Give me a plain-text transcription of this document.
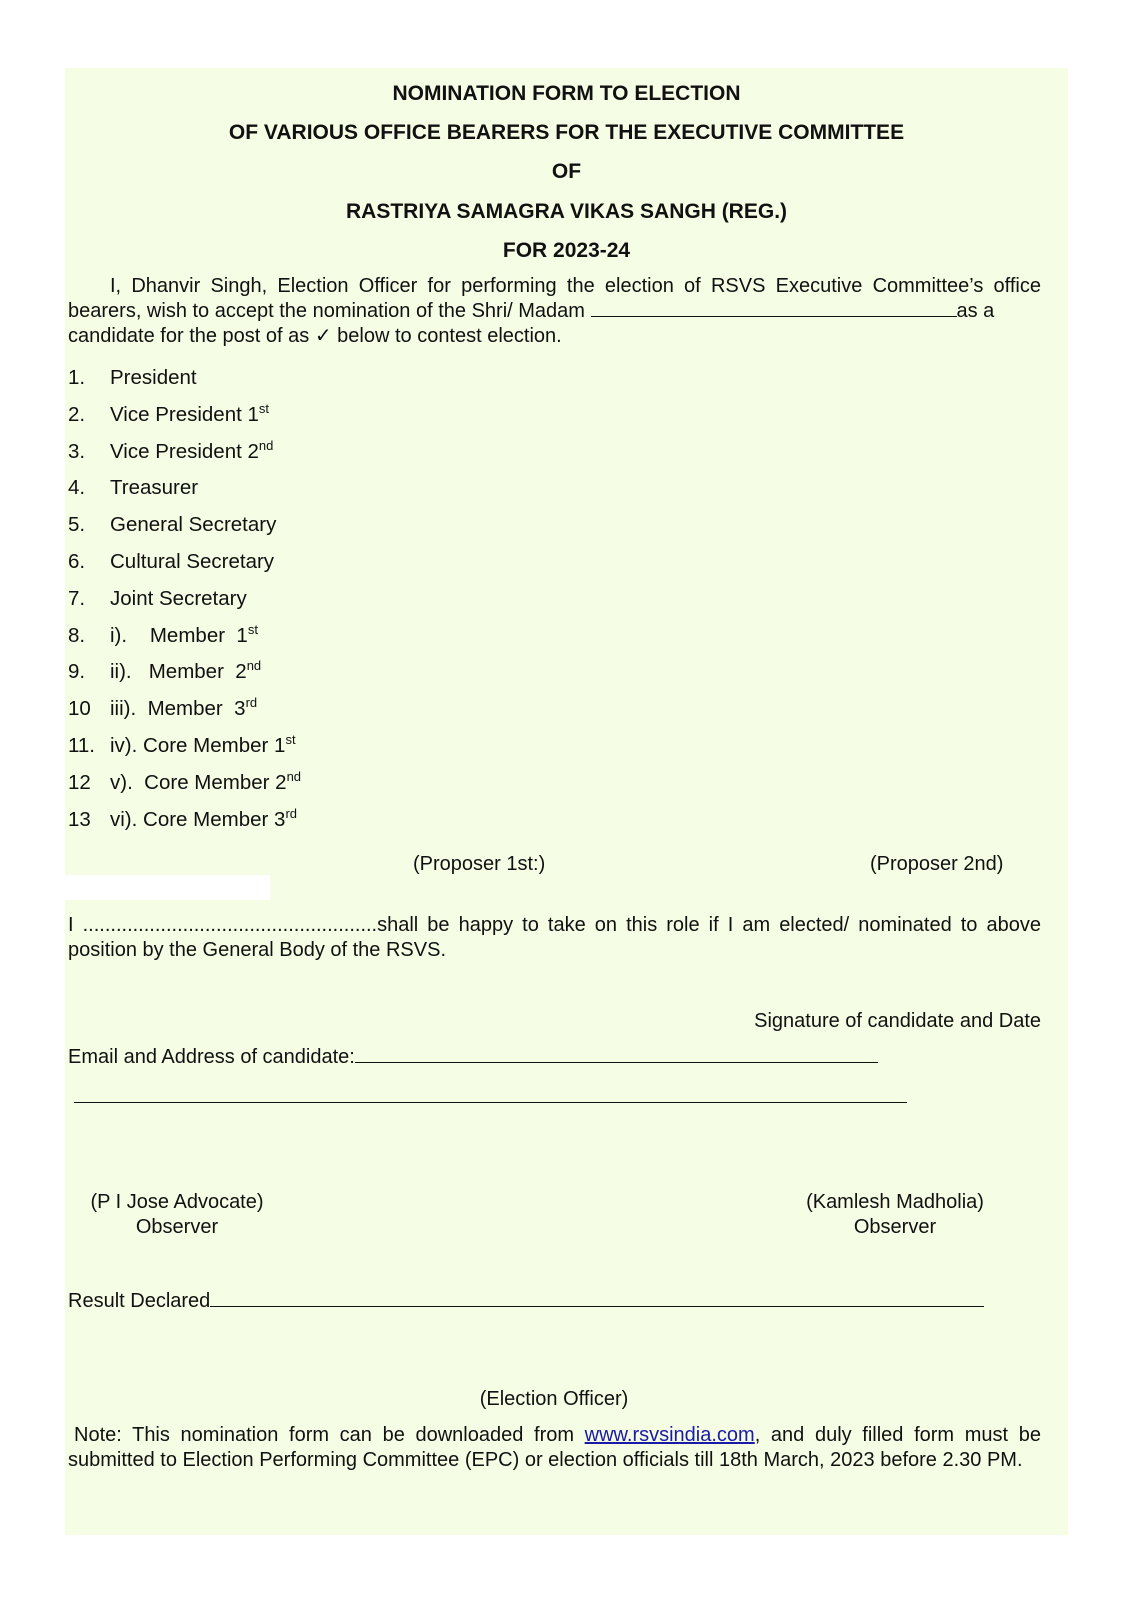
NOMINATION FORM TO ELECTION
OF VARIOUS OFFICE BEARERS FOR THE EXECUTIVE COMMITTEE
OF
RASTRIYA SAMAGRA VIKAS SANGH (REG.)
FOR 2023-24
I, Dhanvir Singh, Election Officer for performing the election of RSVS Executive Committee’s office bearers, wish to accept the nomination of the Shri/ Madam	as a
candidate for the post of as ✓ below to contest election.
1. President
2. Vice President 1st
3. Vice President 2nd
4. Treasurer
5. General Secretary
6. Cultural Secretary
7. Joint Secretary
8. i).    Member  1st
9. ii).   Member  2nd
10 iii).  Member  3rd
11. iv). Core Member 1st
12 v).  Core Member 2nd
13 vi). Core Member 3rd
(Proposer 1st:)	(Proposer 2nd)
I .....................................................shall be happy to take on this role if I am elected/ nominated to above position by the General Body of the RSVS.
Signature of candidate and Date
Email and Address of candidate:
(P I Jose Advocate)
Observer
(Kamlesh Madholia)
Observer
Result Declared
(Election Officer)
Note: This nomination form can be downloaded from www.rsvsindia.com, and duly filled form must be submitted to Election Performing Committee (EPC) or election officials till 18th March, 2023 before 2.30 PM.
